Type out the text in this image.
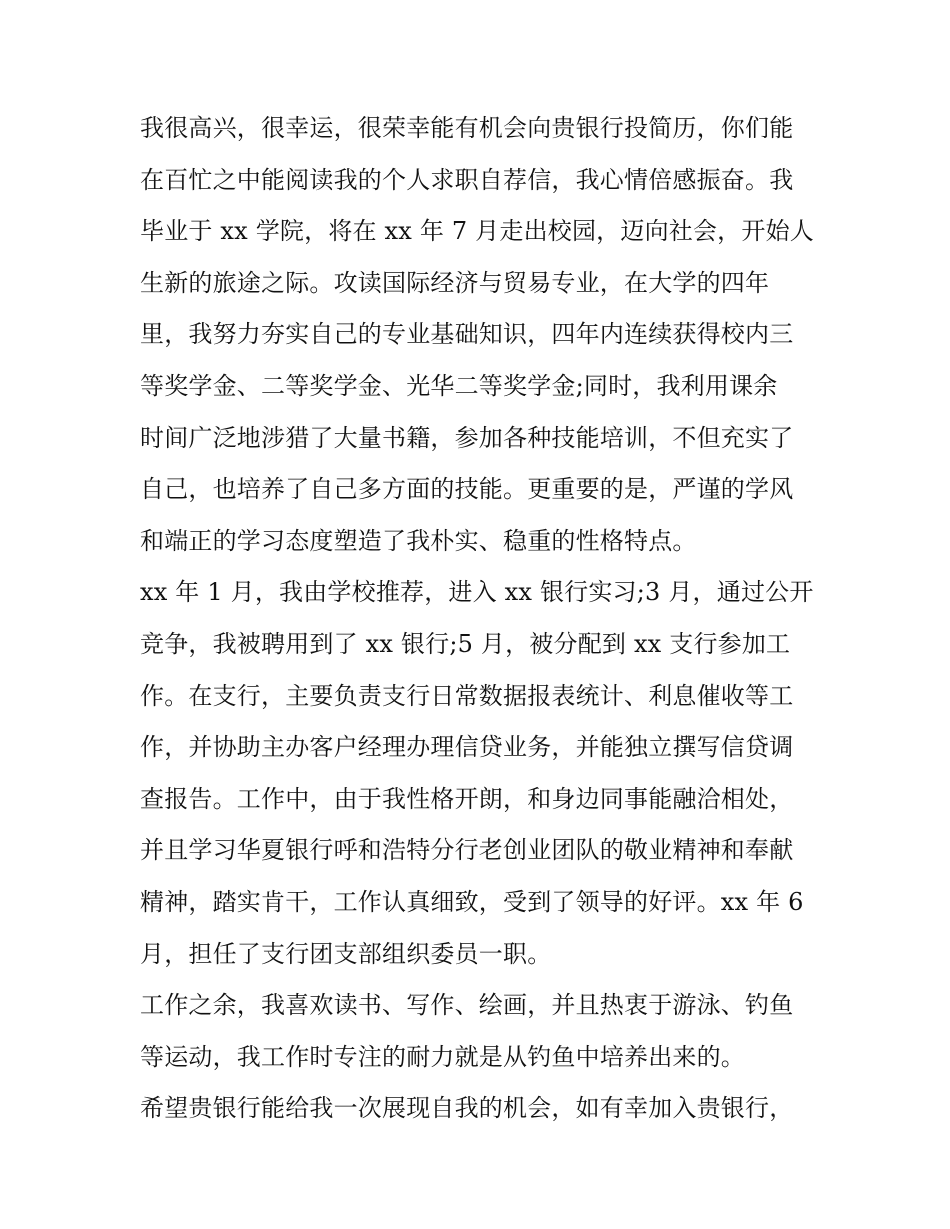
我很高兴，很幸运，很荣幸能有机会向贵银行投简历，你们能
在百忙之中能阅读我的个人求职自荐信，我心情倍感振奋。我
毕业于 xx 学院，将在 xx 年 7 月走出校园，迈向社会，开始人
生新的旅途之际。攻读国际经济与贸易专业，在大学的四年
里，我努力夯实自己的专业基础知识，四年内连续获得校内三
等奖学金、二等奖学金、光华二等奖学金;同时，我利用课余
时间广泛地涉猎了大量书籍，参加各种技能培训，不但充实了
自己，也培养了自己多方面的技能。更重要的是，严谨的学风
和端正的学习态度塑造了我朴实、稳重的性格特点。
xx 年 1 月，我由学校推荐，进入 xx 银行实习;3 月，通过公开
竞争，我被聘用到了 xx 银行;5 月，被分配到 xx 支行参加工
作。在支行，主要负责支行日常数据报表统计、利息催收等工
作，并协助主办客户经理办理信贷业务，并能独立撰写信贷调
查报告。工作中，由于我性格开朗，和身边同事能融洽相处，
并且学习华夏银行呼和浩特分行老创业团队的敬业精神和奉献
精神，踏实肯干，工作认真细致，受到了领导的好评。xx 年 6
月，担任了支行团支部组织委员一职。
工作之余，我喜欢读书、写作、绘画，并且热衷于游泳、钓鱼
等运动，我工作时专注的耐力就是从钓鱼中培养出来的。
希望贵银行能给我一次展现自我的机会，如有幸加入贵银行，
